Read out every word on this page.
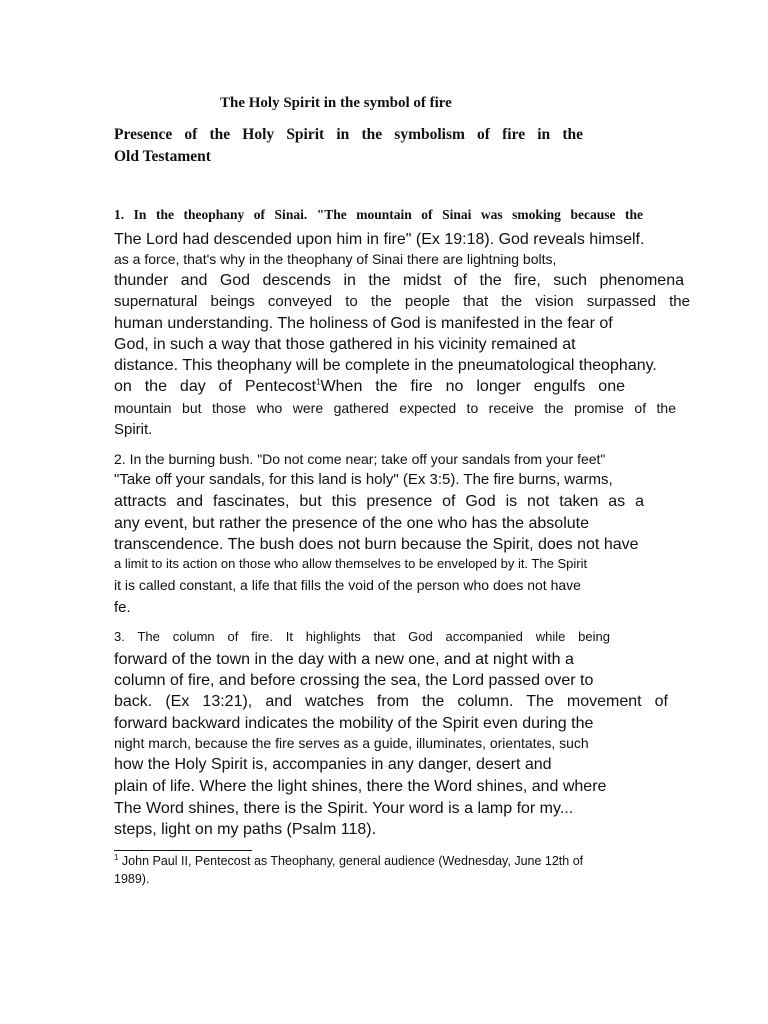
The Holy Spirit in the symbol of fire
Presence of the Holy Spirit in the symbolism of fire in the
Old Testament
1. In the theophany of Sinai. "The mountain of Sinai was smoking because the
The Lord had descended upon him in fire" (Ex 19:18). God reveals himself.
as a force, that's why in the theophany of Sinai there are lightning bolts,
thunder and God descends in the midst of the fire, such phenomena
supernatural beings conveyed to the people that the vision surpassed the
human understanding. The holiness of God is manifested in the fear of
God, in such a way that those gathered in his vicinity remained at
distance. This theophany will be complete in the pneumatological theophany.
on the day of Pentecost$^1$When the fire no longer engulfs one
mountain but those who were gathered expected to receive the promise of the
Spirit.
2. In the burning bush. "Do not come near; take off your sandals from your feet"
"Take off your sandals, for this land is holy" (Ex 3:5). The fire burns, warms,
attracts and fascinates, but this presence of God is not taken as a
any event, but rather the presence of the one who has the absolute
transcendence. The bush does not burn because the Spirit, does not have
a limit to its action on those who allow themselves to be enveloped by it. The Spirit
it is called constant, a life that fills the void of the person who does not have
fe.
3. The column of fire. It highlights that God accompanied while being
forward of the town in the day with a new one, and at night with a
column of fire, and before crossing the sea, the Lord passed over to
back. (Ex 13:21), and watches from the column. The movement of
forward backward indicates the mobility of the Spirit even during the
night march, because the fire serves as a guide, illuminates, orientates, such
how the Holy Spirit is, accompanies in any danger, desert and
plain of life. Where the light shines, there the Word shines, and where
The Word shines, there is the Spirit. Your word is a lamp for my...
steps, light on my paths (Psalm 118).
$^1$ John Paul II, Pentecost as Theophany, general audience (Wednesday, June 12th of
1989).
